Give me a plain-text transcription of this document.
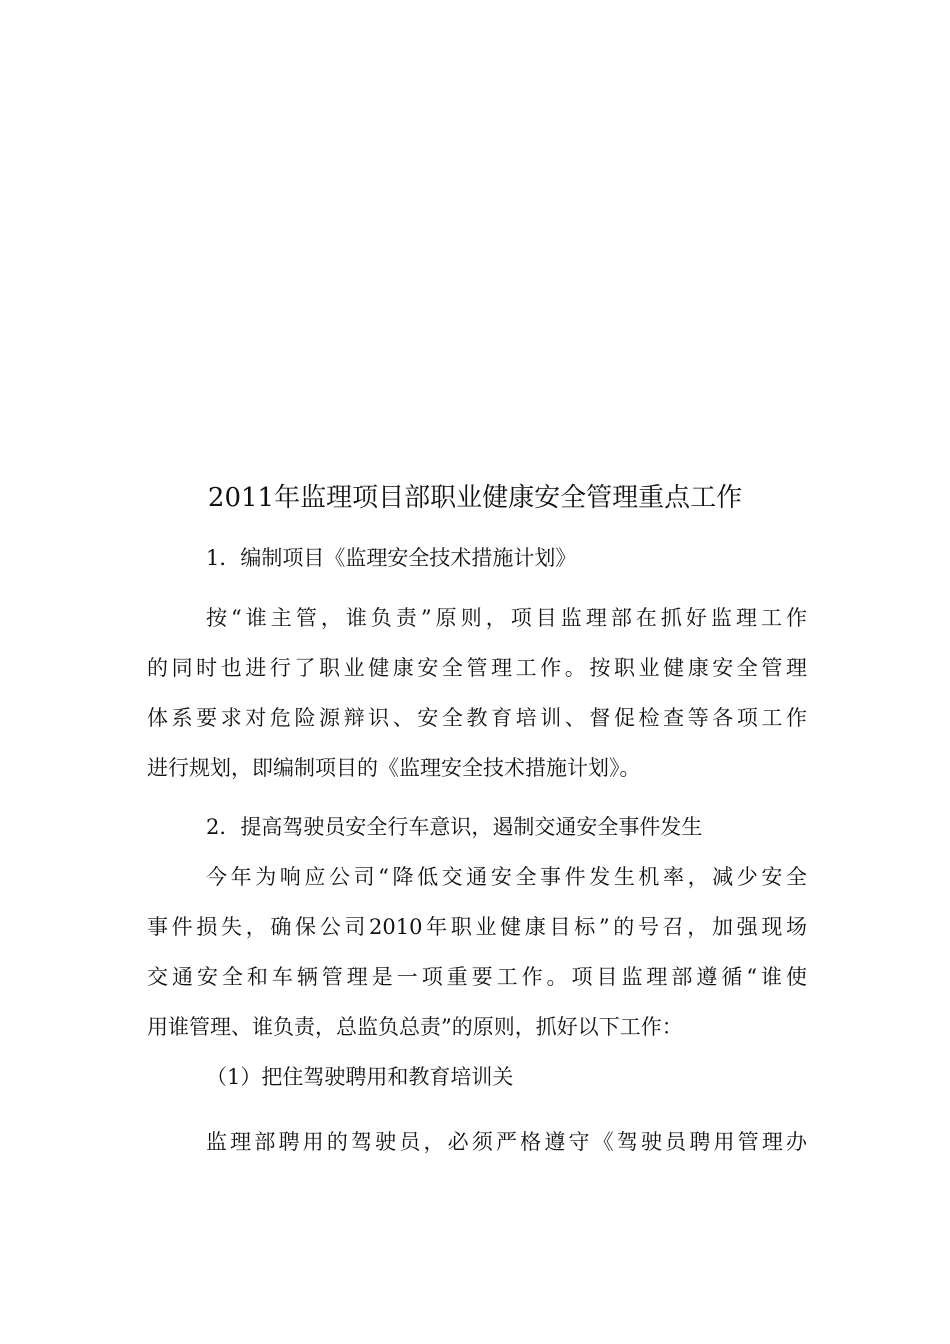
2011年监理项目部职业健康安全管理重点工作
1．编制项目《监理安全技术措施计划》
按“谁主管，谁负责”原则，项目监理部在抓好监理工作
的同时也进行了职业健康安全管理工作。按职业健康安全管理
体系要求对危险源辩识、安全教育培训、督促检查等各项工作
进行规划，即编制项目的《监理安全技术措施计划》。
2．提高驾驶员安全行车意识，遏制交通安全事件发生
今年为响应公司“降低交通安全事件发生机率，减少安全
事件损失，确保公司2010年职业健康目标”的号召，加强现场
交通安全和车辆管理是一项重要工作。项目监理部遵循“谁使
用谁管理、谁负责，总监负总责”的原则，抓好以下工作：
（1）把住驾驶聘用和教育培训关
监理部聘用的驾驶员，必须严格遵守《驾驶员聘用管理办
